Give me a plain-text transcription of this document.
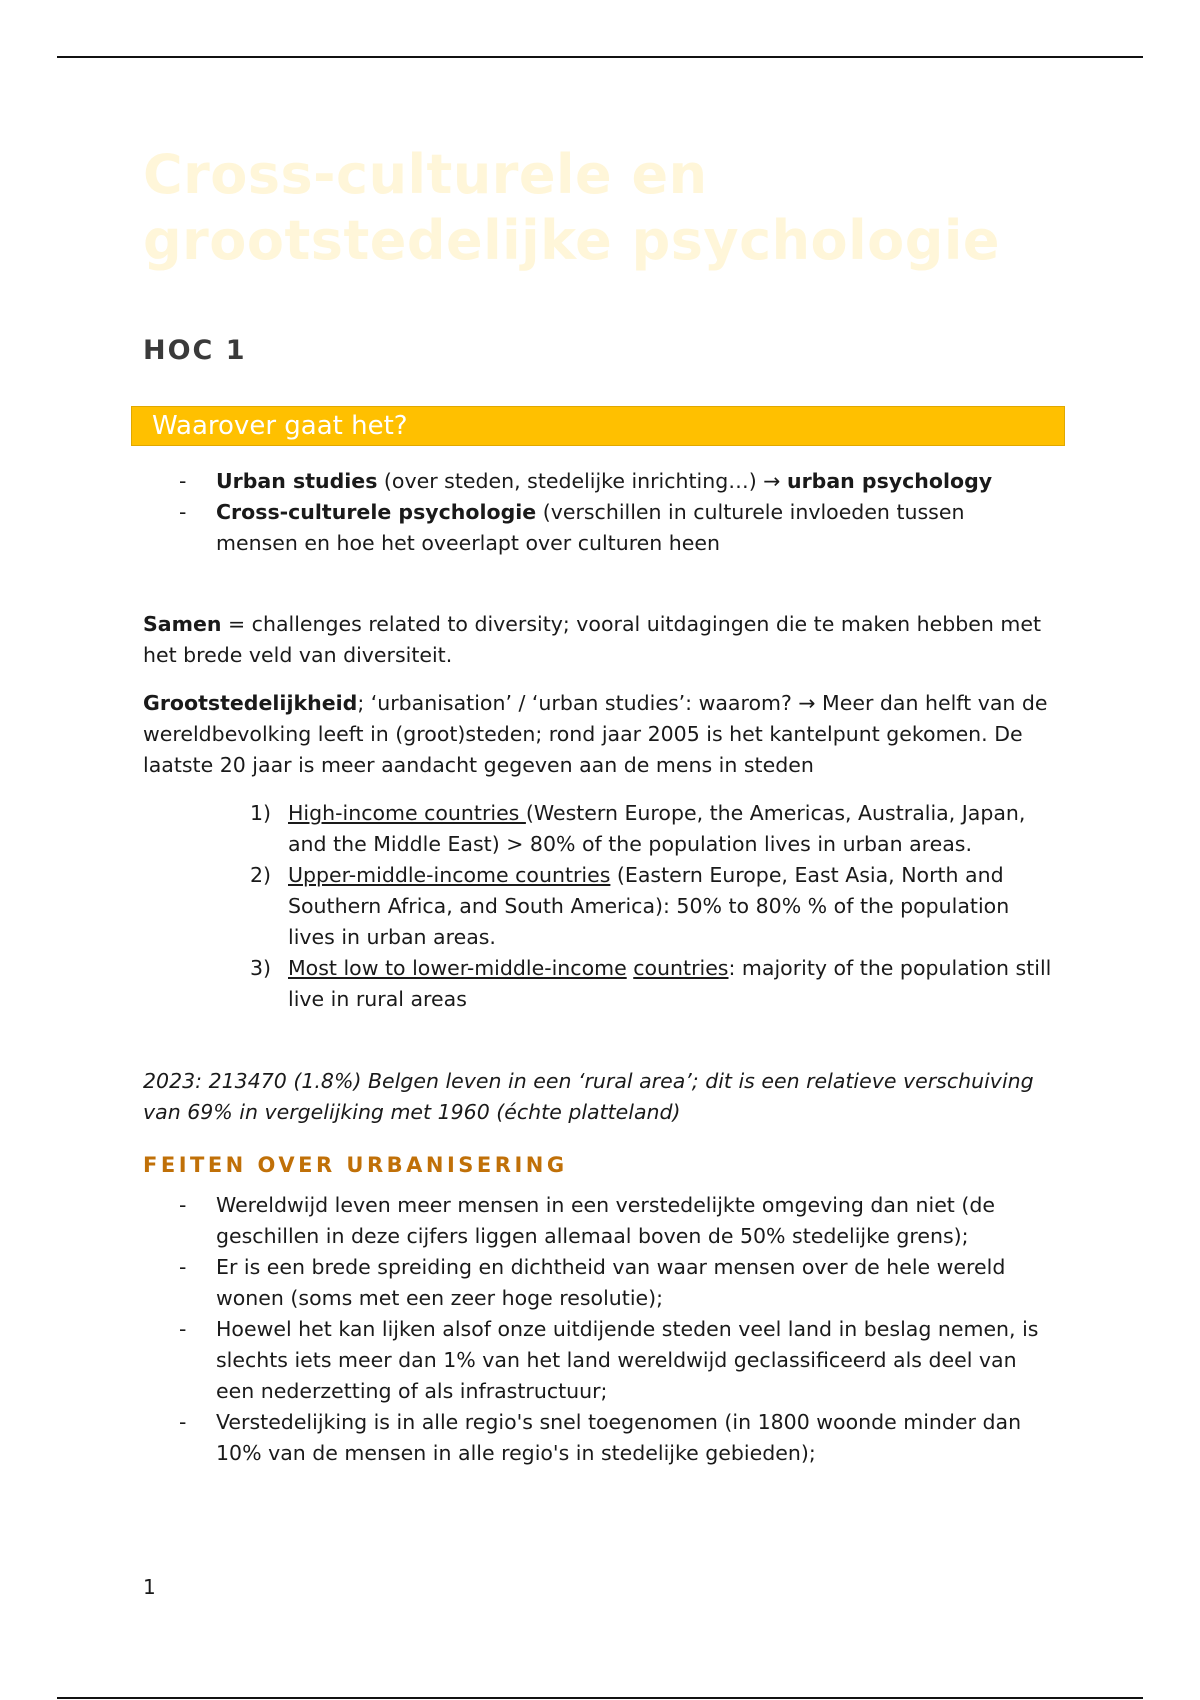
Cross-culturele en grootstedelijke psychologie
HOC 1
Waarover gaat het?
- Urban studies (over steden, stedelijke inrichting…) → urban psychology
- Cross-culturele psychologie (verschillen in culturele invloeden tussen mensen en hoe het oveerlapt over culturen heen

Samen = challenges related to diversity; vooral uitdagingen die te maken hebben met het brede veld van diversiteit.

Grootstedelijkheid; ‘urbanisation’ / ‘urban studies’: waarom? → Meer dan helft van de wereldbevolking leeft in (groot)steden; rond jaar 2005 is het kantelpunt gekomen. De laatste 20 jaar is meer aandacht gegeven aan de mens in steden

1) High-income countries (Western Europe, the Americas, Australia, Japan, and the Middle East) > 80% of the population lives in urban areas.
2) Upper-middle-income countries (Eastern Europe, East Asia, North and Southern Africa, and South America): 50% to 80% % of the population lives in urban areas.
3) Most low to lower-middle-income countries: majority of the population still live in rural areas

2023: 213470 (1.8%) Belgen leven in een ‘rural area’; dit is een relatieve verschuiving van 69% in vergelijking met 1960 (échte platteland)

FEITEN OVER URBANISERING
- Wereldwijd leven meer mensen in een verstedelijkte omgeving dan niet (de geschillen in deze cijfers liggen allemaal boven de 50% stedelijke grens);
- Er is een brede spreiding en dichtheid van waar mensen over de hele wereld wonen (soms met een zeer hoge resolutie);
- Hoewel het kan lijken alsof onze uitdijende steden veel land in beslag nemen, is slechts iets meer dan 1% van het land wereldwijd geclassificeerd als deel van een nederzetting of als infrastructuur;
- Verstedelijking is in alle regio's snel toegenomen (in 1800 woonde minder dan 10% van de mensen in alle regio's in stedelijke gebieden);
1
